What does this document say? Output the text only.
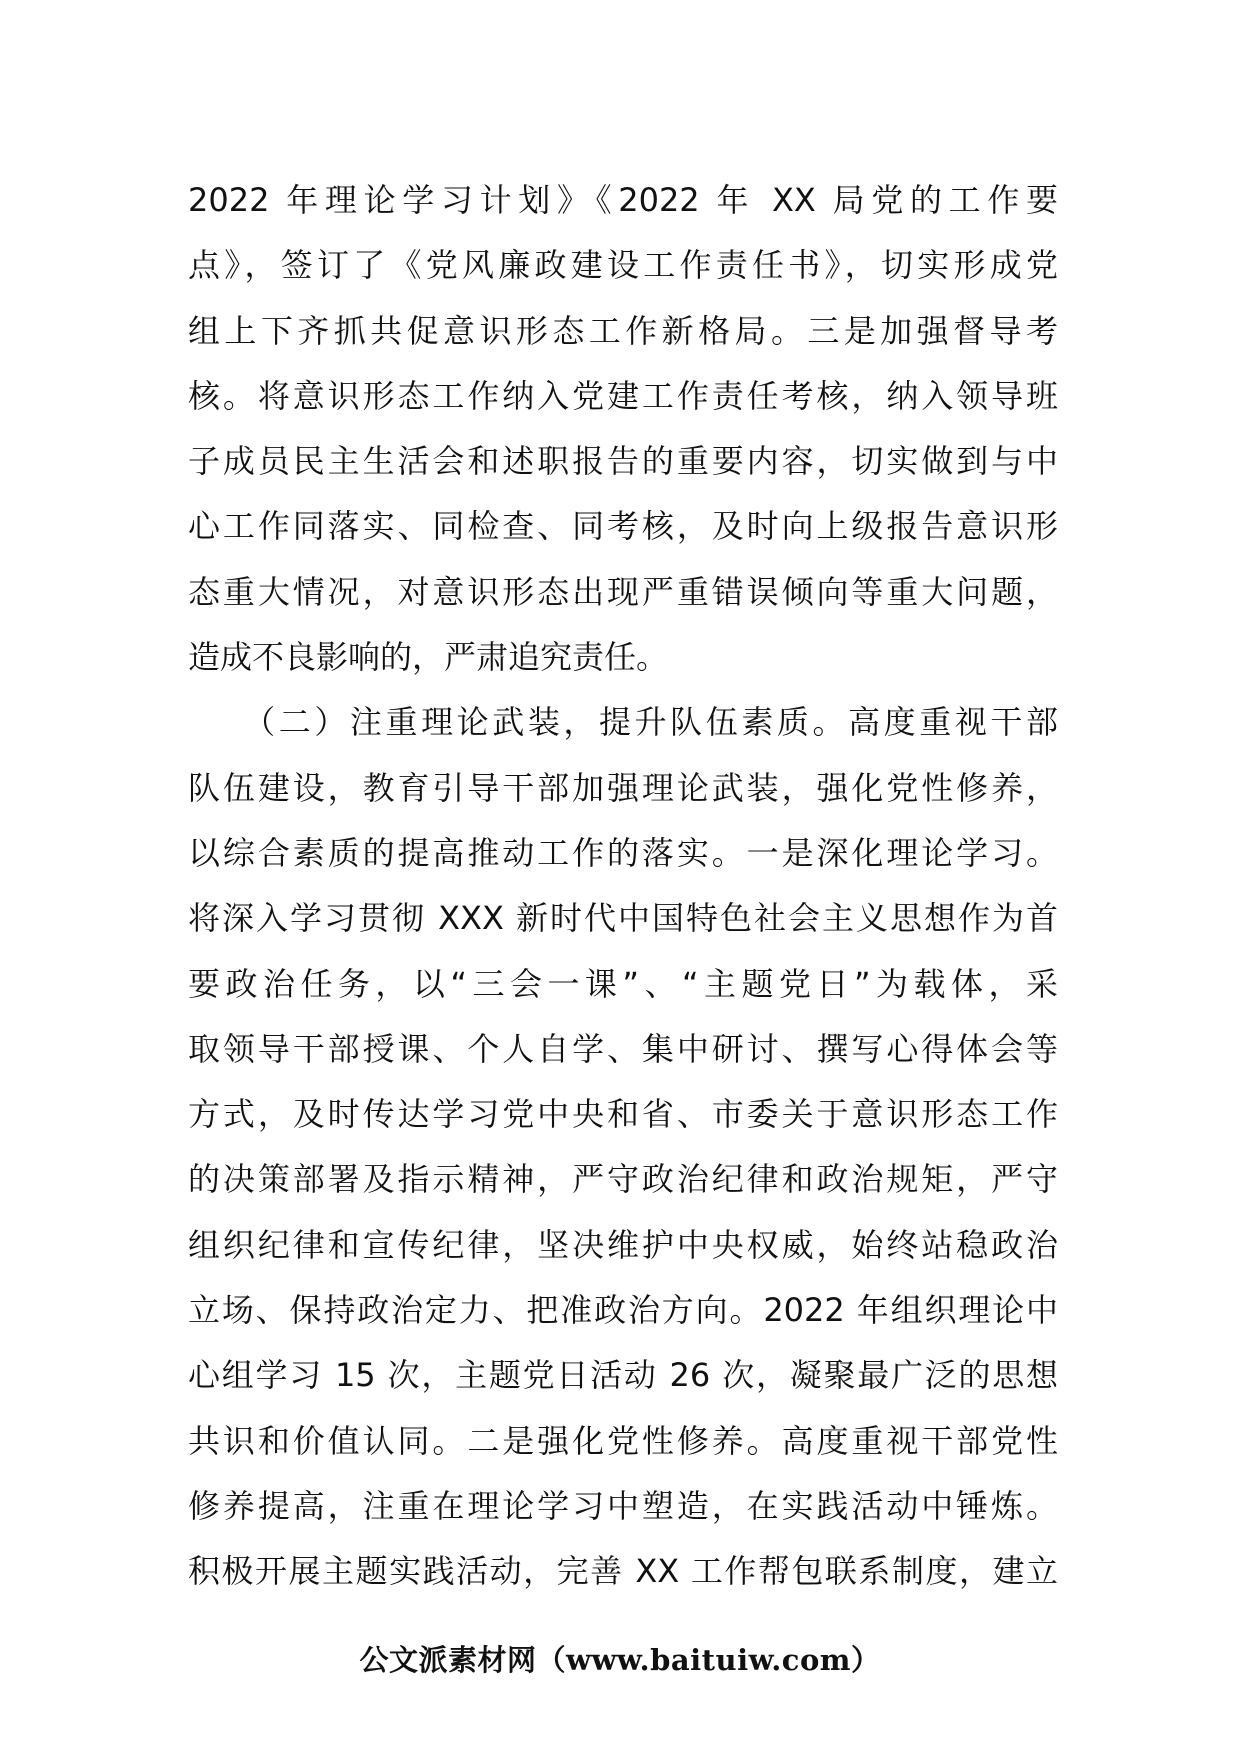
2022 年理论学习计划》《2022 年 XX 局党的工作要
点》，签订了《党风廉政建设工作责任书》，切实形成党
组上下齐抓共促意识形态工作新格局。三是加强督导考
核。将意识形态工作纳入党建工作责任考核，纳入领导班
子成员民主生活会和述职报告的重要内容，切实做到与中
心工作同落实、同检查、同考核，及时向上级报告意识形
态重大情况，对意识形态出现严重错误倾向等重大问题，
造成不良影响的，严肃追究责任。
　　（二）注重理论武装，提升队伍素质。高度重视干部
队伍建设，教育引导干部加强理论武装，强化党性修养，
以综合素质的提高推动工作的落实。一是深化理论学习。
将深入学习贯彻 XXX 新时代中国特色社会主义思想作为首
要政治任务，以“三会一课”、“主题党日”为载体，采
取领导干部授课、个人自学、集中研讨、撰写心得体会等
方式，及时传达学习党中央和省、市委关于意识形态工作
的决策部署及指示精神，严守政治纪律和政治规矩，严守
组织纪律和宣传纪律，坚决维护中央权威，始终站稳政治
立场、保持政治定力、把准政治方向。2022 年组织理论中
心组学习 15 次，主题党日活动 26 次，凝聚最广泛的思想
共识和价值认同。二是强化党性修养。高度重视干部党性
修养提高，注重在理论学习中塑造，在实践活动中锤炼。
积极开展主题实践活动，完善 XX 工作帮包联系制度，建立
公文派素材网（www.baituiw.com）
